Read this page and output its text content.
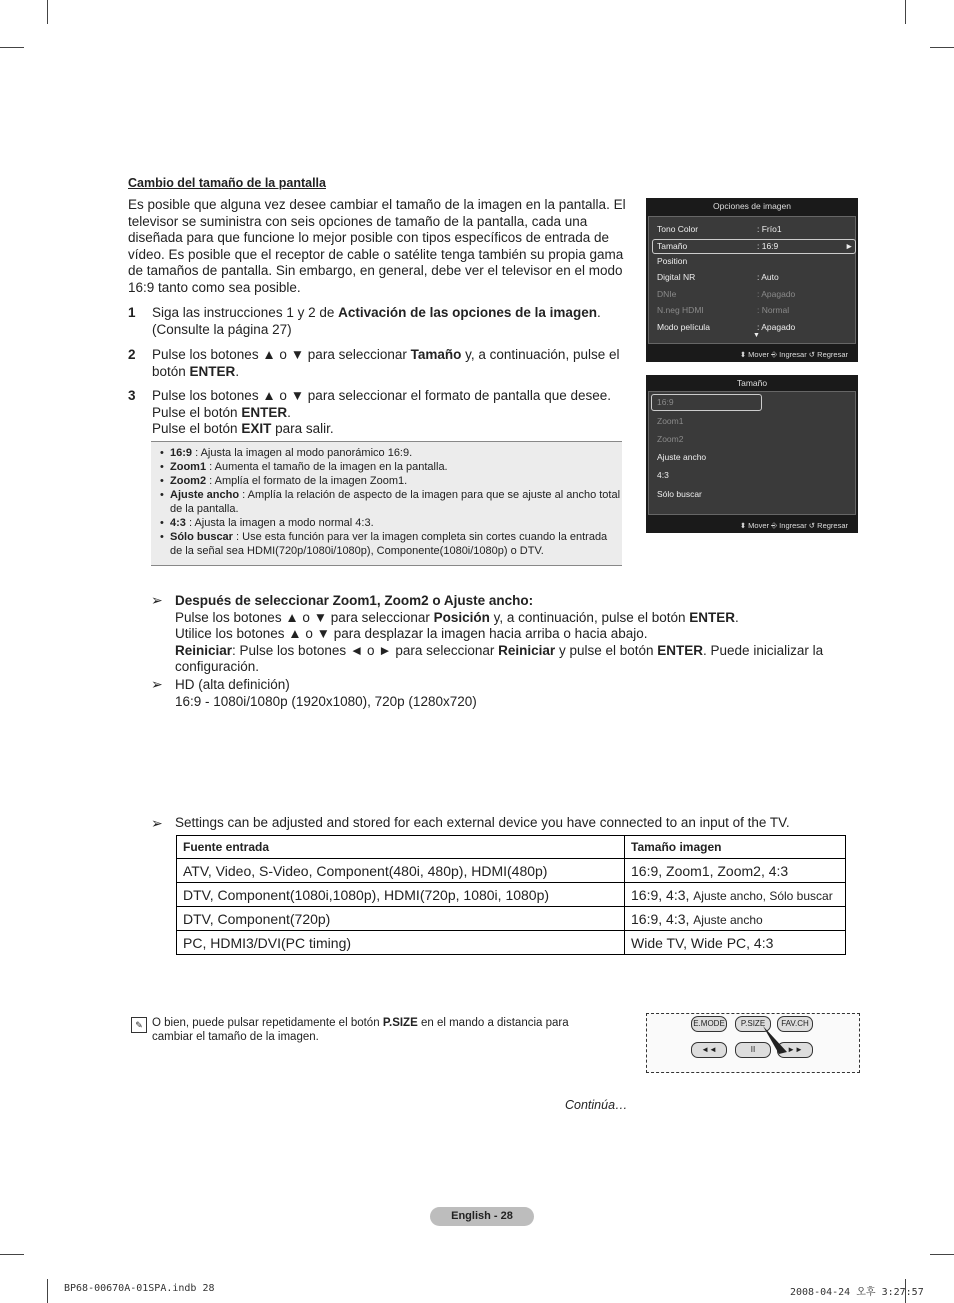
Cambio del tamaño de la pantalla
Es posible que alguna vez desee cambiar el tamaño de la imagen en la pantalla. El televisor se suministra con seis opciones de tamaño de la pantalla, cada una diseñada para que funcione lo mejor posible con tipos específicos de entrada de vídeo. Es posible que el receptor de cable o satélite tenga también su propia gama de tamaños de pantalla. Sin embargo, en general, debe ver el televisor en el modo 16:9 tanto como sea posible.
1 Siga las instrucciones 1 y 2 de Activación de las opciones de la imagen. (Consulte la página 27)
2 Pulse los botones ▲ o ▼ para seleccionar Tamaño y, a continuación, pulse el botón ENTER.
3 Pulse los botones ▲ o ▼ para seleccionar el formato de pantalla que desee.
Pulse el botón ENTER.
Pulse el botón EXIT para salir.
• 16:9 : Ajusta la imagen al modo panorámico 16:9.
• Zoom1 : Aumenta el tamaño de la imagen en la pantalla.
• Zoom2 : Amplía el formato de la imagen Zoom1.
• Ajuste ancho : Amplía la relación de aspecto de la imagen para que se ajuste al ancho total de la pantalla.
• 4:3 : Ajusta la imagen a modo normal 4:3.
• Sólo buscar : Use esta función para ver la imagen completa sin cortes cuando la entrada de la señal sea HDMI(720p/1080i/1080p), Componente(1080i/1080p) o DTV.
Opciones de imagen
Tono Color	: Frío1
Tamaño	: 16:9	►
Position
Digital NR	: Auto
DNIe	: Apagado
N.neg HDMI	: Normal
Modo película	: Apagado
▼
⬍ Mover ⎆ Ingresar ↺ Regresar
Tamaño
16:9
Zoom1
Zoom2
Ajuste ancho
4:3
Sólo buscar
⬍ Mover ⎆ Ingresar ↺ Regresar
➢ Después de seleccionar Zoom1, Zoom2 o Ajuste ancho:
Pulse los botones ▲ o ▼ para seleccionar Posición y, a continuación, pulse el botón ENTER.
Utilice los botones ▲ o ▼ para desplazar la imagen hacia arriba o hacia abajo.
Reiniciar: Pulse los botones ◄ o ► para seleccionar Reiniciar y pulse el botón ENTER. Puede inicializar la configuración.
➢ HD (alta definición)
16:9 - 1080i/1080p (1920x1080), 720p (1280x720)
➢ Settings can be adjusted and stored for each external device you have connected to an input of the TV.
Fuente entrada	Tamaño imagen
ATV, Video, S-Video, Component(480i, 480p), HDMI(480p)	16:9, Zoom1, Zoom2, 4:3
DTV, Component(1080i,1080p), HDMI(720p, 1080i, 1080p)	16:9, 4:3, Ajuste ancho, Sólo buscar
DTV, Component(720p)	16:9, 4:3, Ajuste ancho
PC, HDMI3/DVI(PC timing)	Wide TV, Wide PC, 4:3
✎ O bien, puede pulsar repetidamente el botón P.SIZE en el mando a distancia para cambiar el tamaño de la imagen.
E.MODE	P.SIZE	FAV.CH
◄◄	II	►►
Continúa…
English - 28
BP68-00670A-01SPA.indb 28	2008-04-24 오후 3:27:57
